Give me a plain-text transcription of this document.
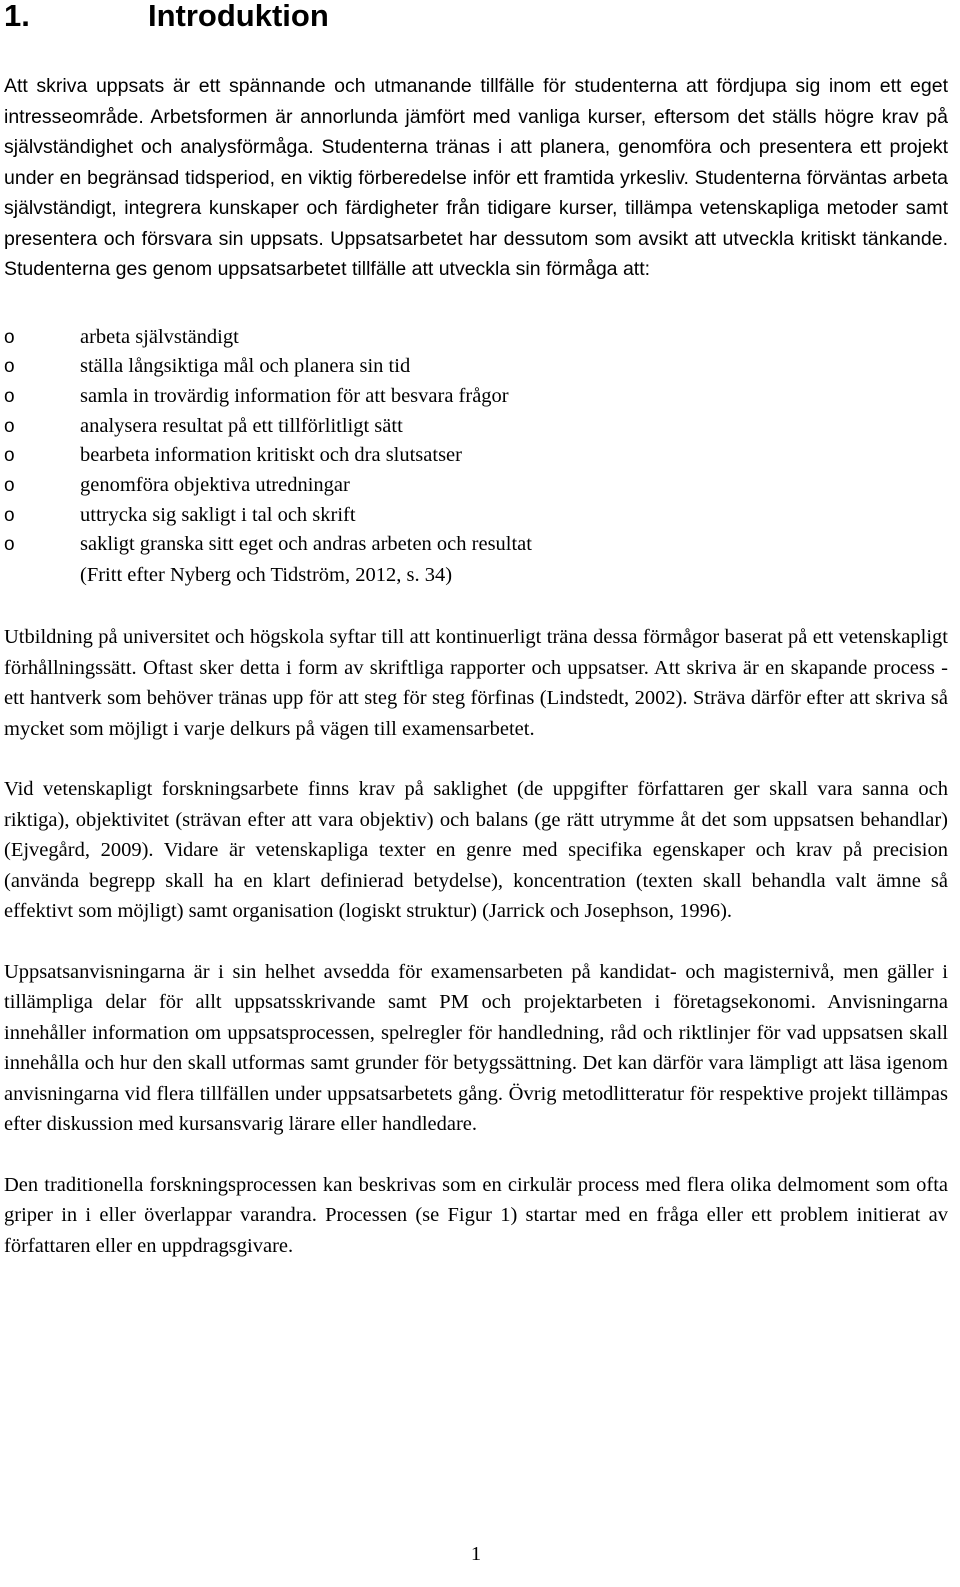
1.	Introduktion

Att skriva uppsats är ett spännande och utmanande tillfälle för studenterna att fördjupa sig inom ett eget intresseområde. Arbetsformen är annorlunda jämfört med vanliga kurser, eftersom det ställs högre krav på självständighet och analysförmåga. Studenterna tränas i att planera, genomföra och presentera ett projekt under en begränsad tidsperiod, en viktig förberedelse inför ett framtida yrkesliv. Studenterna förväntas arbeta självständigt, integrera kunskaper och färdigheter från tidigare kurser, tillämpa vetenskapliga metoder samt presentera och försvara sin uppsats. Uppsatsarbetet har dessutom som avsikt att utveckla kritiskt tänkande. Studenterna ges genom uppsatsarbetet tillfälle att utveckla sin förmåga att:

o	arbeta självständigt
o	ställa långsiktiga mål och planera sin tid
o	samla in trovärdig information för att besvara frågor
o	analysera resultat på ett tillförlitligt sätt
o	bearbeta information kritiskt och dra slutsatser
o	genomföra objektiva utredningar
o	uttrycka sig sakligt i tal och skrift
o	sakligt granska sitt eget och andras arbeten och resultat
(Fritt efter Nyberg och Tidström, 2012, s. 34)

Utbildning på universitet och högskola syftar till att kontinuerligt träna dessa förmågor baserat på ett vetenskapligt förhållningssätt. Oftast sker detta i form av skriftliga rapporter och uppsatser. Att skriva är en skapande process - ett hantverk som behöver tränas upp för att steg för steg förfinas (Lindstedt, 2002). Sträva därför efter att skriva så mycket som möjligt i varje delkurs på vägen till examensarbetet.

Vid vetenskapligt forskningsarbete finns krav på saklighet (de uppgifter författaren ger skall vara sanna och riktiga), objektivitet (strävan efter att vara objektiv) och balans (ge rätt utrymme åt det som uppsatsen behandlar) (Ejvegård, 2009). Vidare är vetenskapliga texter en genre med specifika egenskaper och krav på precision (använda begrepp skall ha en klart definierad betydelse), koncentration (texten skall behandla valt ämne så effektivt som möjligt) samt organisation (logiskt struktur) (Jarrick och Josephson, 1996).

Uppsatsanvisningarna är i sin helhet avsedda för examensarbeten på kandidat- och magisternivå, men gäller i tillämpliga delar för allt uppsatsskrivande samt PM och projektarbeten i företagsekonomi. Anvisningarna innehåller information om uppsatsprocessen, spelregler för handledning, råd och riktlinjer för vad uppsatsen skall innehålla och hur den skall utformas samt grunder för betygssättning. Det kan därför vara lämpligt att läsa igenom anvisningarna vid flera tillfällen under uppsatsarbetets gång. Övrig metodlitteratur för respektive projekt tillämpas efter diskussion med kursansvarig lärare eller handledare.

Den traditionella forskningsprocessen kan beskrivas som en cirkulär process med flera olika delmoment som ofta griper in i eller överlappar varandra. Processen (se Figur 1) startar med en fråga eller ett problem initierat av författaren eller en uppdragsgivare.

1
